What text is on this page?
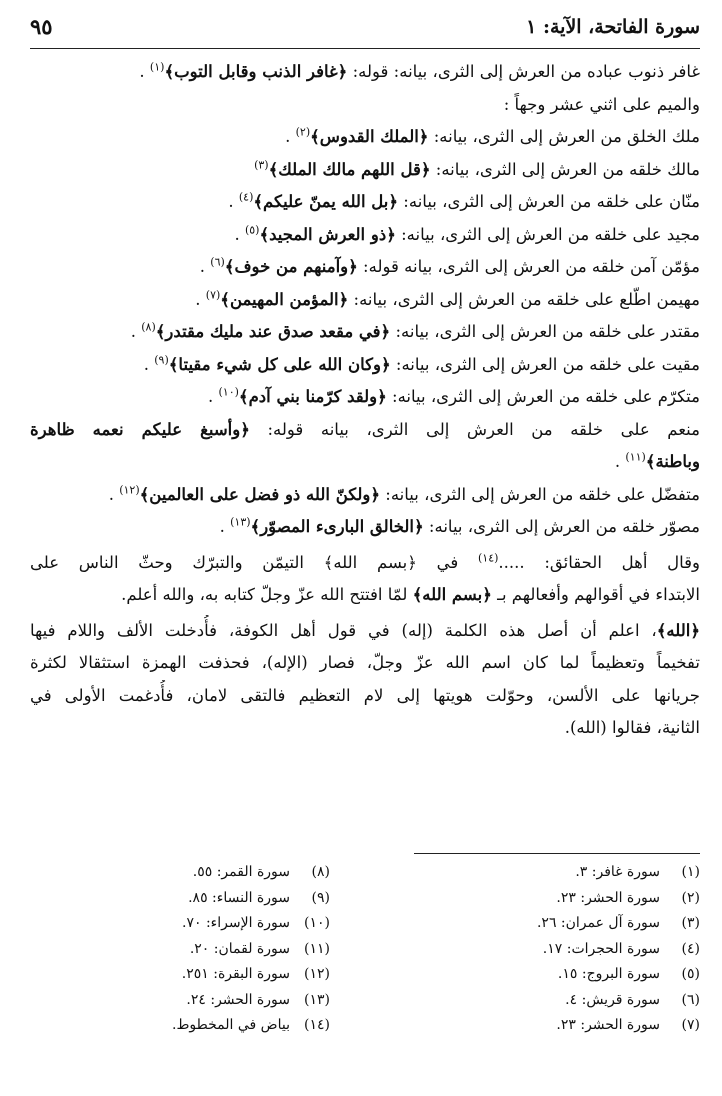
سورة الفاتحة، الآية: ١
٩٥
غافر ذنوب عباده من العرش إلى الثرى، بيانه: قوله: ﴿غافر الذنب وقابل التوب﴾$^{(١)}$ .
والميم على اثني عشر وجهاً :
ملك الخلق من العرش إلى الثرى، بيانه: ﴿الملك القدوس﴾$^{(٢)}$ .
مالك خلقه من العرش إلى الثرى، بيانه: ﴿قل اللهم مالك الملك﴾$^{(٣)}$
منّان على خلقه من العرش إلى الثرى، بيانه: ﴿بل الله يمنّ عليكم﴾$^{(٤)}$ .
مجيد على خلقه من العرش إلى الثرى، بيانه: ﴿ذو العرش المجيد﴾$^{(٥)}$ .
مؤمّن آمن خلقه من العرش إلى الثرى، بيانه قوله: ﴿وآمنهم من خوف﴾$^{(٦)}$ .
مهيمن اطّلع على خلقه من العرش إلى الثرى، بيانه: ﴿المؤمن المهيمن﴾$^{(٧)}$ .
مقتدر على خلقه من العرش إلى الثرى، بيانه: ﴿في مقعد صدق عند مليك مقتدر﴾$^{(٨)}$ .
مقيت على خلقه من العرش إلى الثرى، بيانه: ﴿وكان الله على كل شيء مقيتا﴾$^{(٩)}$ .
متكرّم على خلقه من العرش إلى الثرى، بيانه: ﴿ولقد كرّمنا بني آدم﴾$^{(١٠)}$ .
منعم على خلقه من العرش إلى الثرى، بيانه قوله: ﴿وأسبغ عليكم نعمه ظاهرة
وباطنة﴾$^{(١١)}$ .
متفضّل على خلقه من العرش إلى الثرى، بيانه: ﴿ولكنّ الله ذو فضل على العالمين﴾$^{(١٢)}$ .
مصوّر خلقه من العرش إلى الثرى، بيانه: ﴿الخالق البارىء المصوّر﴾$^{(١٣)}$ .
وقال أهل الحقائق: .....$^{(١٤)}$ في ﴿بسم الله﴾ التيمّن والتبرّك وحثّ الناس على
الابتداء في أقوالهم وأفعالهم بـ ﴿بسم الله﴾ لمّا افتتح الله عزّ وجلّ كتابه به، والله أعلم.
﴿الله﴾، اعلم أن أصل هذه الكلمة (إله) في قول أهل الكوفة، فأُدخلت الألف واللام فيها
تفخيماً وتعظيماً لما كان اسم الله عزّ وجلّ، فصار (الإله)، فحذفت الهمزة استثقالا لكثرة
جريانها على الألسن، وحوّلت هويتها إلى لام التعظيم فالتقى لامان، فأُدغمت الأولى في
الثانية، فقالوا (الله).
(١)سورة غافر: ٣.
(٢)سورة الحشر: ٢٣.
(٣)سورة آل عمران: ٢٦.
(٤)سورة الحجرات: ١٧.
(٥)سورة البروج: ١٥.
(٦)سورة قريش: ٤.
(٧)سورة الحشر: ٢٣.
(٨)سورة القمر: ٥٥.
(٩)سورة النساء: ٨٥.
(١٠)سورة الإسراء: ٧٠.
(١١)سورة لقمان: ٢٠.
(١٢)سورة البقرة: ٢٥١.
(١٣)سورة الحشر: ٢٤.
(١٤)بياض في المخطوط.
